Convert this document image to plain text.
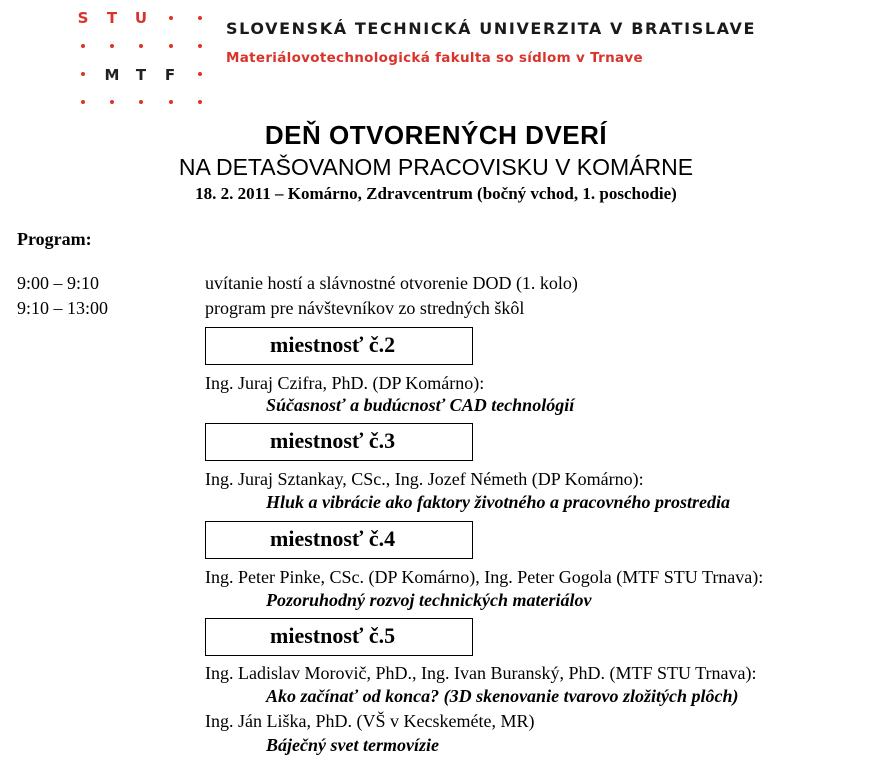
S	T	U
M	T	F
SLOVENSKÁ TECHNICKÁ UNIVERZITA V BRATISLAVE
Materiálovotechnologická fakulta so sídlom v Trnave
DEŇ OTVORENÝCH DVERÍ
NA DETAŠOVANOM PRACOVISKU V KOMÁRNE
18. 2. 2011 – Komárno, Zdravcentrum (bočný vchod, 1. poschodie)
Program:
9:00 – 9:10	uvítanie hostí a slávnostné otvorenie DOD (1. kolo)
9:10 – 13:00	program pre návštevníkov zo stredných škôl
miestnosť č.2
Ing. Juraj Czifra, PhD. (DP Komárno):
Súčasnosť a budúcnosť CAD technológií
miestnosť č.3
Ing. Juraj Sztankay, CSc., Ing. Jozef Németh (DP Komárno):
Hluk a vibrácie ako faktory životného a pracovného prostredia
miestnosť č.4
Ing. Peter Pinke, CSc. (DP Komárno), Ing. Peter Gogola (MTF STU Trnava):
Pozoruhodný rozvoj technických materiálov
miestnosť č.5
Ing. Ladislav Morovič, PhD., Ing. Ivan Buranský, PhD. (MTF STU Trnava):
Ako začínať od konca? (3D skenovanie tvarovo zložitých plôch)
Ing. Ján Liška, PhD. (VŠ v Kecskeméte, MR)
Báječný svet termovízie
